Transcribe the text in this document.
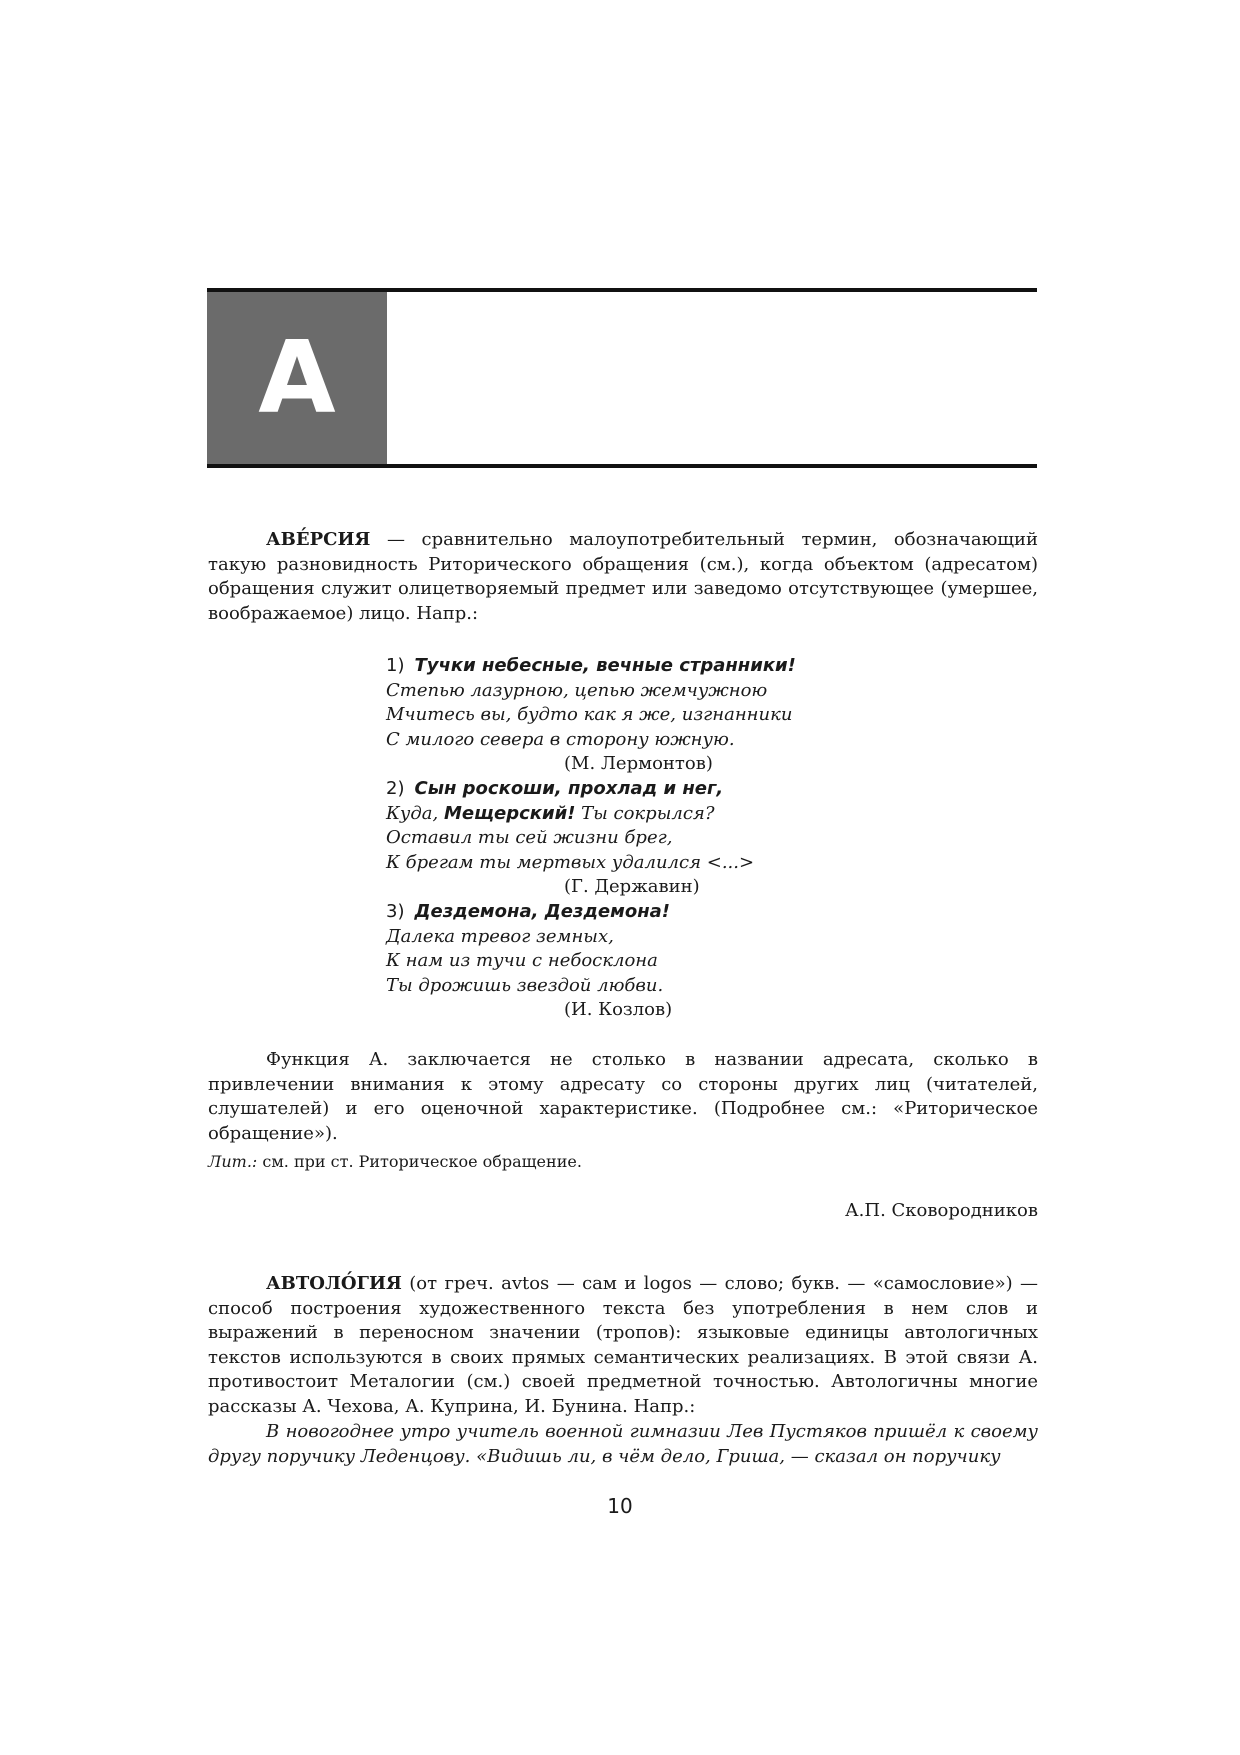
А

АВЕ́РСИЯ — сравнительно малоупотребительный термин, обозначающий такую разновидность Риторического обращения (см.), когда объектом (адресатом) обращения служит олицетворяемый предмет или заведомо отсутствующее (умершее, воображаемое) лицо. Напр.:

1) Тучки небесные, вечные странники!
Степью лазурною, цепью жемчужною
Мчитесь вы, будто как я же, изгнанники
С милого севера в сторону южную.
(М. Лермонтов)
2) Сын роскоши, прохлад и нег,
Куда, Мещерский! Ты сокрылся?
Оставил ты сей жизни брег,
К брегам ты мертвых удалился <...>
(Г. Державин)
3) Дездемона, Дездемона!
Далека тревог земных,
К нам из тучи с небосклона
Ты дрожишь звездой любви.
(И. Козлов)

Функция А. заключается не столько в названии адресата, сколько в привлечении внимания к этому адресату со стороны других лиц (читателей, слушателей) и его оценочной характеристике. (Подробнее см.: «Риторическое обращение»).

Лит.: см. при ст. Риторическое обращение.
А.П. Сковородников

АВТОЛО́ГИЯ (от греч. avtos — сам и logos — слово; букв. — «самословие») — способ построения художественного текста без употребления в нем слов и выражений в переносном значении (тропов): языковые единицы автологичных текстов используются в своих прямых семантических реализациях. В этой связи А. противостоит Металогии (см.) своей предметной точностью. Автологичны многие рассказы А. Чехова, А. Куприна, И. Бунина. Напр.:

В новогоднее утро учитель военной гимназии Лев Пустяков пришёл к своему другу поручику Леденцову. «Видишь ли, в чём дело, Гриша, — сказал он поручику

10
